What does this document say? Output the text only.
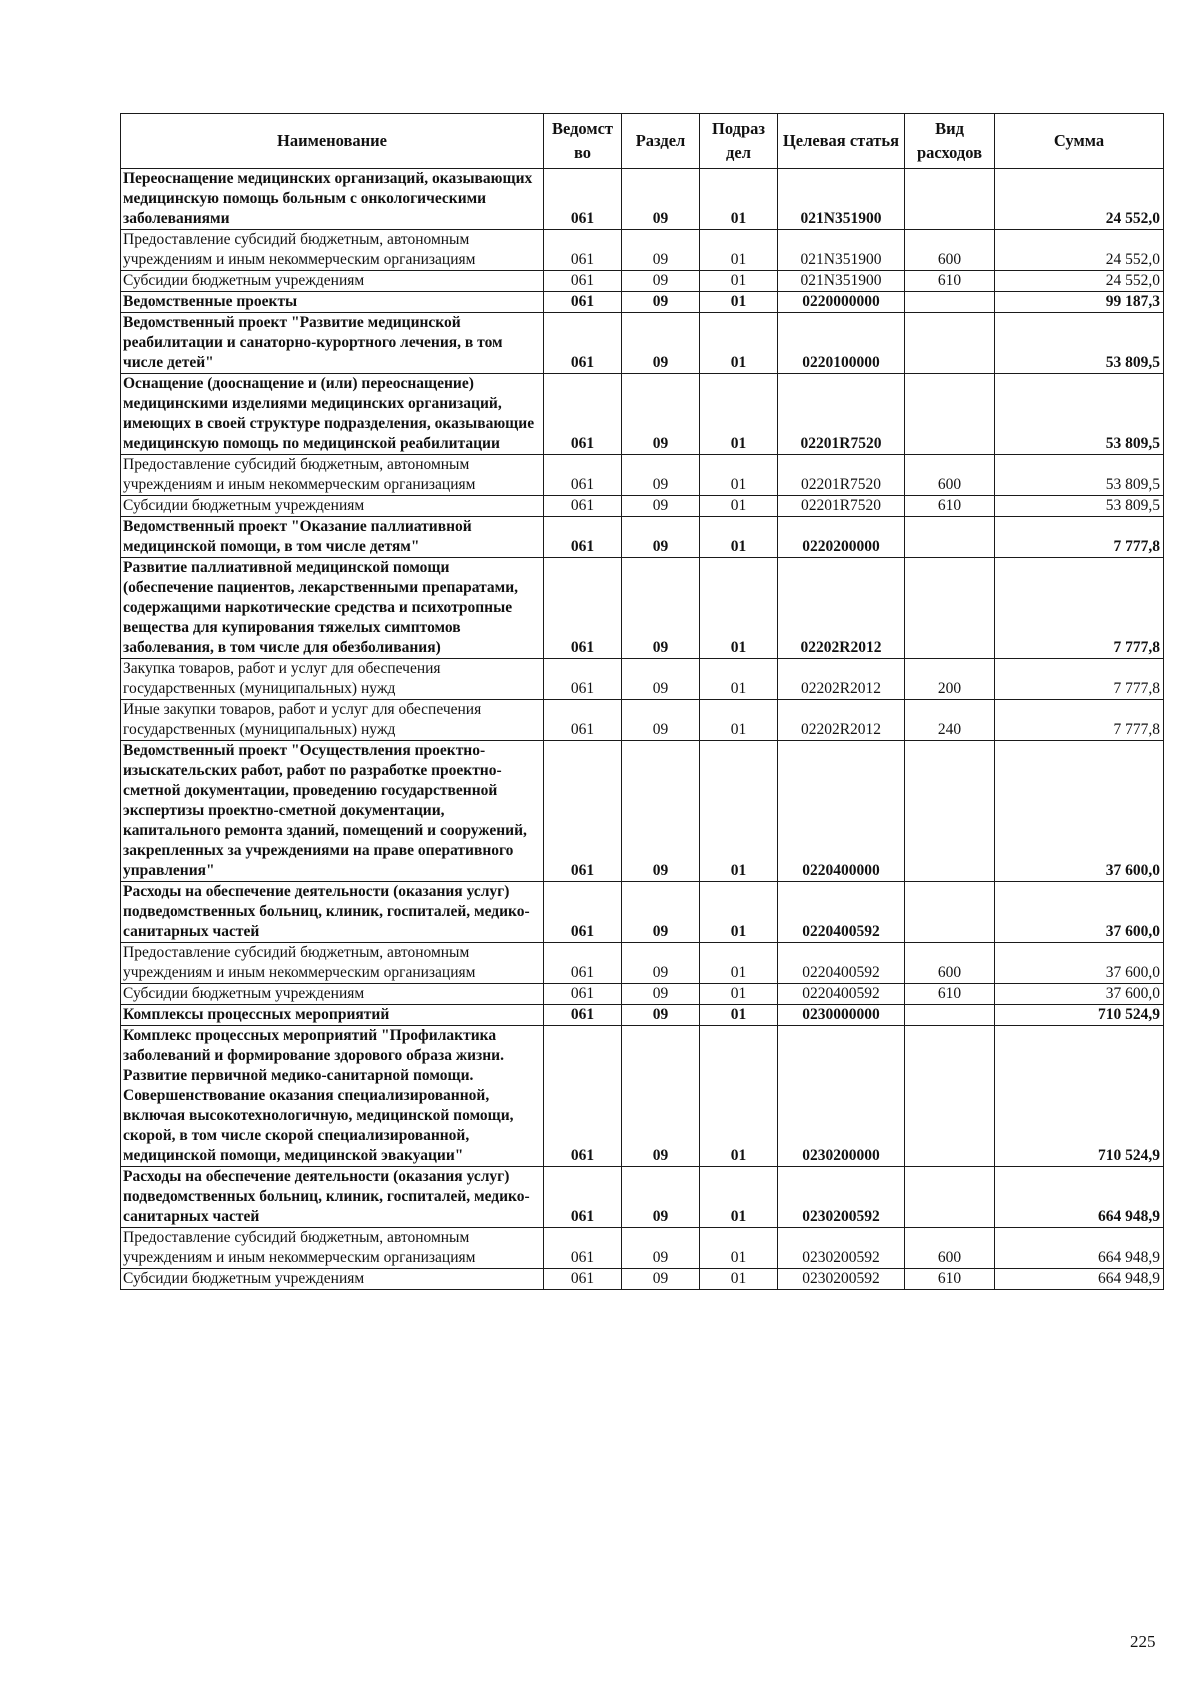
Наименование	Ведомст во	Раздел	Подраз дел	Целевая статья	Вид расходов	Сумма
Переоснащение медицинских организаций, оказывающих медицинскую помощь больным с онкологическими заболеваниями	061	09	01	021N351900		24 552,0
Предоставление субсидий бюджетным, автономным учреждениям и иным некоммерческим организациям	061	09	01	021N351900	600	24 552,0
Субсидии бюджетным учреждениям	061	09	01	021N351900	610	24 552,0
Ведомственные проекты	061	09	01	0220000000		99 187,3
Ведомственный проект "Развитие медицинской реабилитации и санаторно-курортного лечения, в том числе детей"	061	09	01	0220100000		53 809,5
Оснащение (дооснащение и (или) переоснащение) медицинскими изделиями медицинских организаций, имеющих в своей структуре подразделения, оказывающие медицинскую помощь по медицинской реабилитации	061	09	01	02201R7520		53 809,5
Предоставление субсидий бюджетным, автономным учреждениям и иным некоммерческим организациям	061	09	01	02201R7520	600	53 809,5
Субсидии бюджетным учреждениям	061	09	01	02201R7520	610	53 809,5
Ведомственный проект "Оказание паллиативной медицинской помощи, в том числе детям"	061	09	01	0220200000		7 777,8
Развитие паллиативной медицинской помощи (обеспечение пациентов, лекарственными препаратами, содержащими наркотические средства и психотропные вещества для купирования тяжелых симптомов заболевания, в том числе для обезболивания)	061	09	01	02202R2012		7 777,8
Закупка товаров, работ и услуг для обеспечения государственных (муниципальных) нужд	061	09	01	02202R2012	200	7 777,8
Иные закупки товаров, работ и услуг для обеспечения государственных (муниципальных) нужд	061	09	01	02202R2012	240	7 777,8
Ведомственный проект "Осуществления проектно-изыскательских работ, работ по разработке проектно-сметной документации, проведению государственной экспертизы проектно-сметной документации, капитального ремонта зданий, помещений и сооружений, закрепленных за учреждениями на праве оперативного управления"	061	09	01	0220400000		37 600,0
Расходы на обеспечение деятельности (оказания услуг) подведомственных больниц, клиник, госпиталей, медико-санитарных частей	061	09	01	0220400592		37 600,0
Предоставление субсидий бюджетным, автономным учреждениям и иным некоммерческим организациям	061	09	01	0220400592	600	37 600,0
Субсидии бюджетным учреждениям	061	09	01	0220400592	610	37 600,0
Комплексы процессных мероприятий	061	09	01	0230000000		710 524,9
Комплекс процессных мероприятий "Профилактика заболеваний и формирование здорового образа жизни. Развитие первичной медико-санитарной помощи. Совершенствование оказания специализированной, включая высокотехнологичную, медицинской помощи, скорой, в том числе скорой специализированной, медицинской помощи, медицинской эвакуации"	061	09	01	0230200000		710 524,9
Расходы на обеспечение деятельности (оказания услуг) подведомственных больниц, клиник, госпиталей, медико-санитарных частей	061	09	01	0230200592		664 948,9
Предоставление субсидий бюджетным, автономным учреждениям и иным некоммерческим организациям	061	09	01	0230200592	600	664 948,9
Субсидии бюджетным учреждениям	061	09	01	0230200592	610	664 948,9
225
